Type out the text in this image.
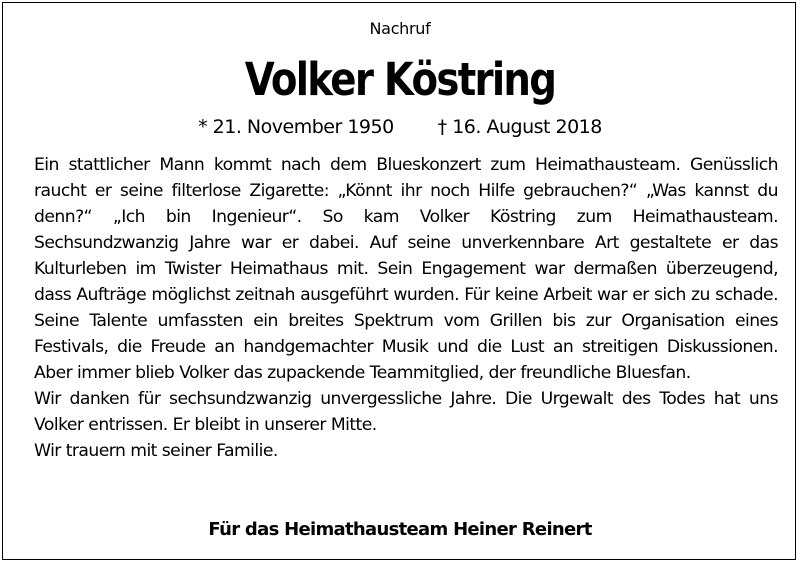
Nachruf
Volker Köstring
* 21. November 1950 † 16. August 2018

Ein stattlicher Mann kommt nach dem Blueskonzert zum Heimathausteam. Genüsslich raucht er seine filterlose Zigarette: „Könnt ihr noch Hilfe gebrauchen?“ „Was kannst du denn?“ „Ich bin Ingenieur“. So kam Volker Köstring zum Heimathausteam. Sechsundzwanzig Jahre war er dabei. Auf seine unverkennbare Art gestaltete er das Kulturleben im Twister Heimathaus mit. Sein Engagement war dermaßen überzeugend, dass Aufträge möglichst zeitnah ausgeführt wurden. Für keine Arbeit war er sich zu schade. Seine Talente umfassten ein breites Spektrum vom Grillen bis zur Organisation eines Festivals, die Freude an handgemachter Musik und die Lust an streitigen Diskussionen. Aber immer blieb Volker das zupackende Teammitglied, der freundliche Bluesfan.

Wir danken für sechsundzwanzig unvergessliche Jahre. Die Urgewalt des Todes hat uns Volker entrissen. Er bleibt in unserer Mitte.

Wir trauern mit seiner Familie.

Für das Heimathausteam Heiner Reinert
